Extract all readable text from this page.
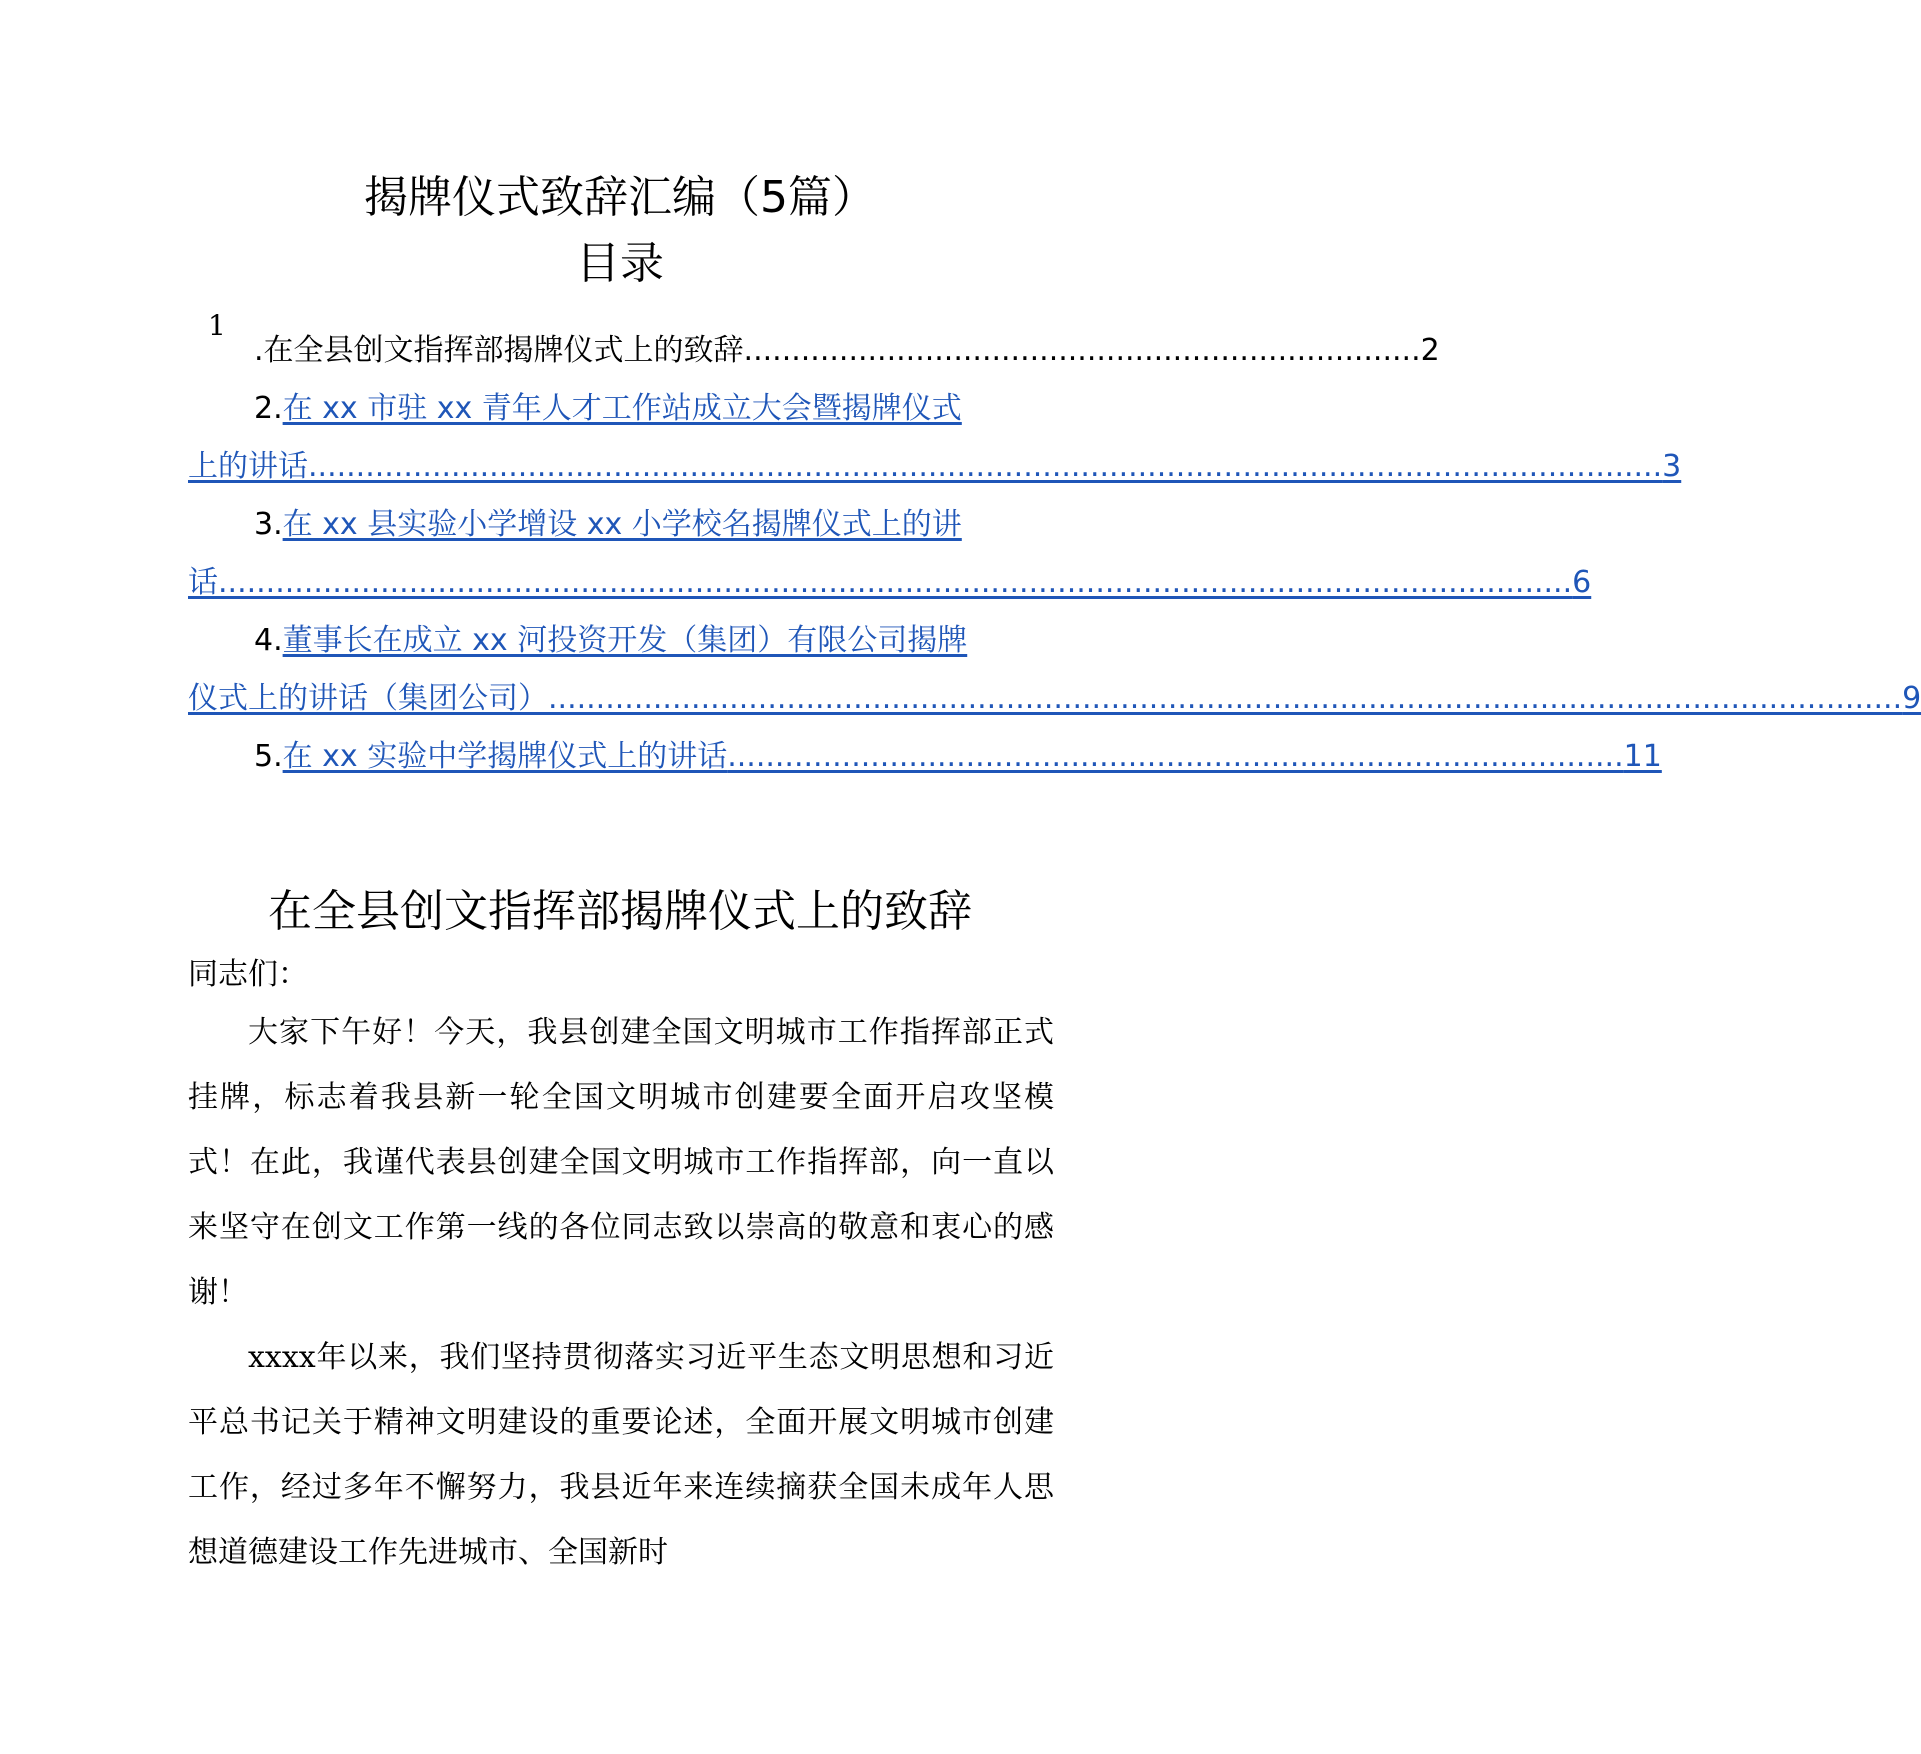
揭牌仪式致辞汇编（5篇）
目录
1
. 在全县创文指挥部揭牌仪式上的致辞 ....................................................................... 2
2. 在 xx 市驻 xx 青年人才工作站成立大会暨揭牌仪式
上的讲话 .............................................................................................................................................. 3
3. 在 xx 县实验小学增设 xx 小学校名揭牌仪式上的讲
话 .............................................................................................................................................. 6
4. 董事长在成立 xx 河投资开发（集团）有限公司揭牌
仪式上的讲话（集团公司） .............................................................................................................................................. 9
5. 在 xx 实验中学揭牌仪式上的讲话 .............................................................................................. 11
在全县创文指挥部揭牌仪式上的致辞
同志们：
大家下午好！今天，我县创建全国文明城市工作指挥部正式挂牌，标志着我县新一轮全国文明城市创建要全面开启攻坚模式！在此，我谨代表县创建全国文明城市工作指挥部，向一直以来坚守在创文工作第一线的各位同志致以崇高的敬意和衷心的感谢！
xxxx年以来，我们坚持贯彻落实习近平生态文明思想和习近平总书记关于精神文明建设的重要论述，全面开展文明城市创建工作，经过多年不懈努力，我县近年来连续摘获全国未成年人思想道德建设工作先进城市、全国新时
